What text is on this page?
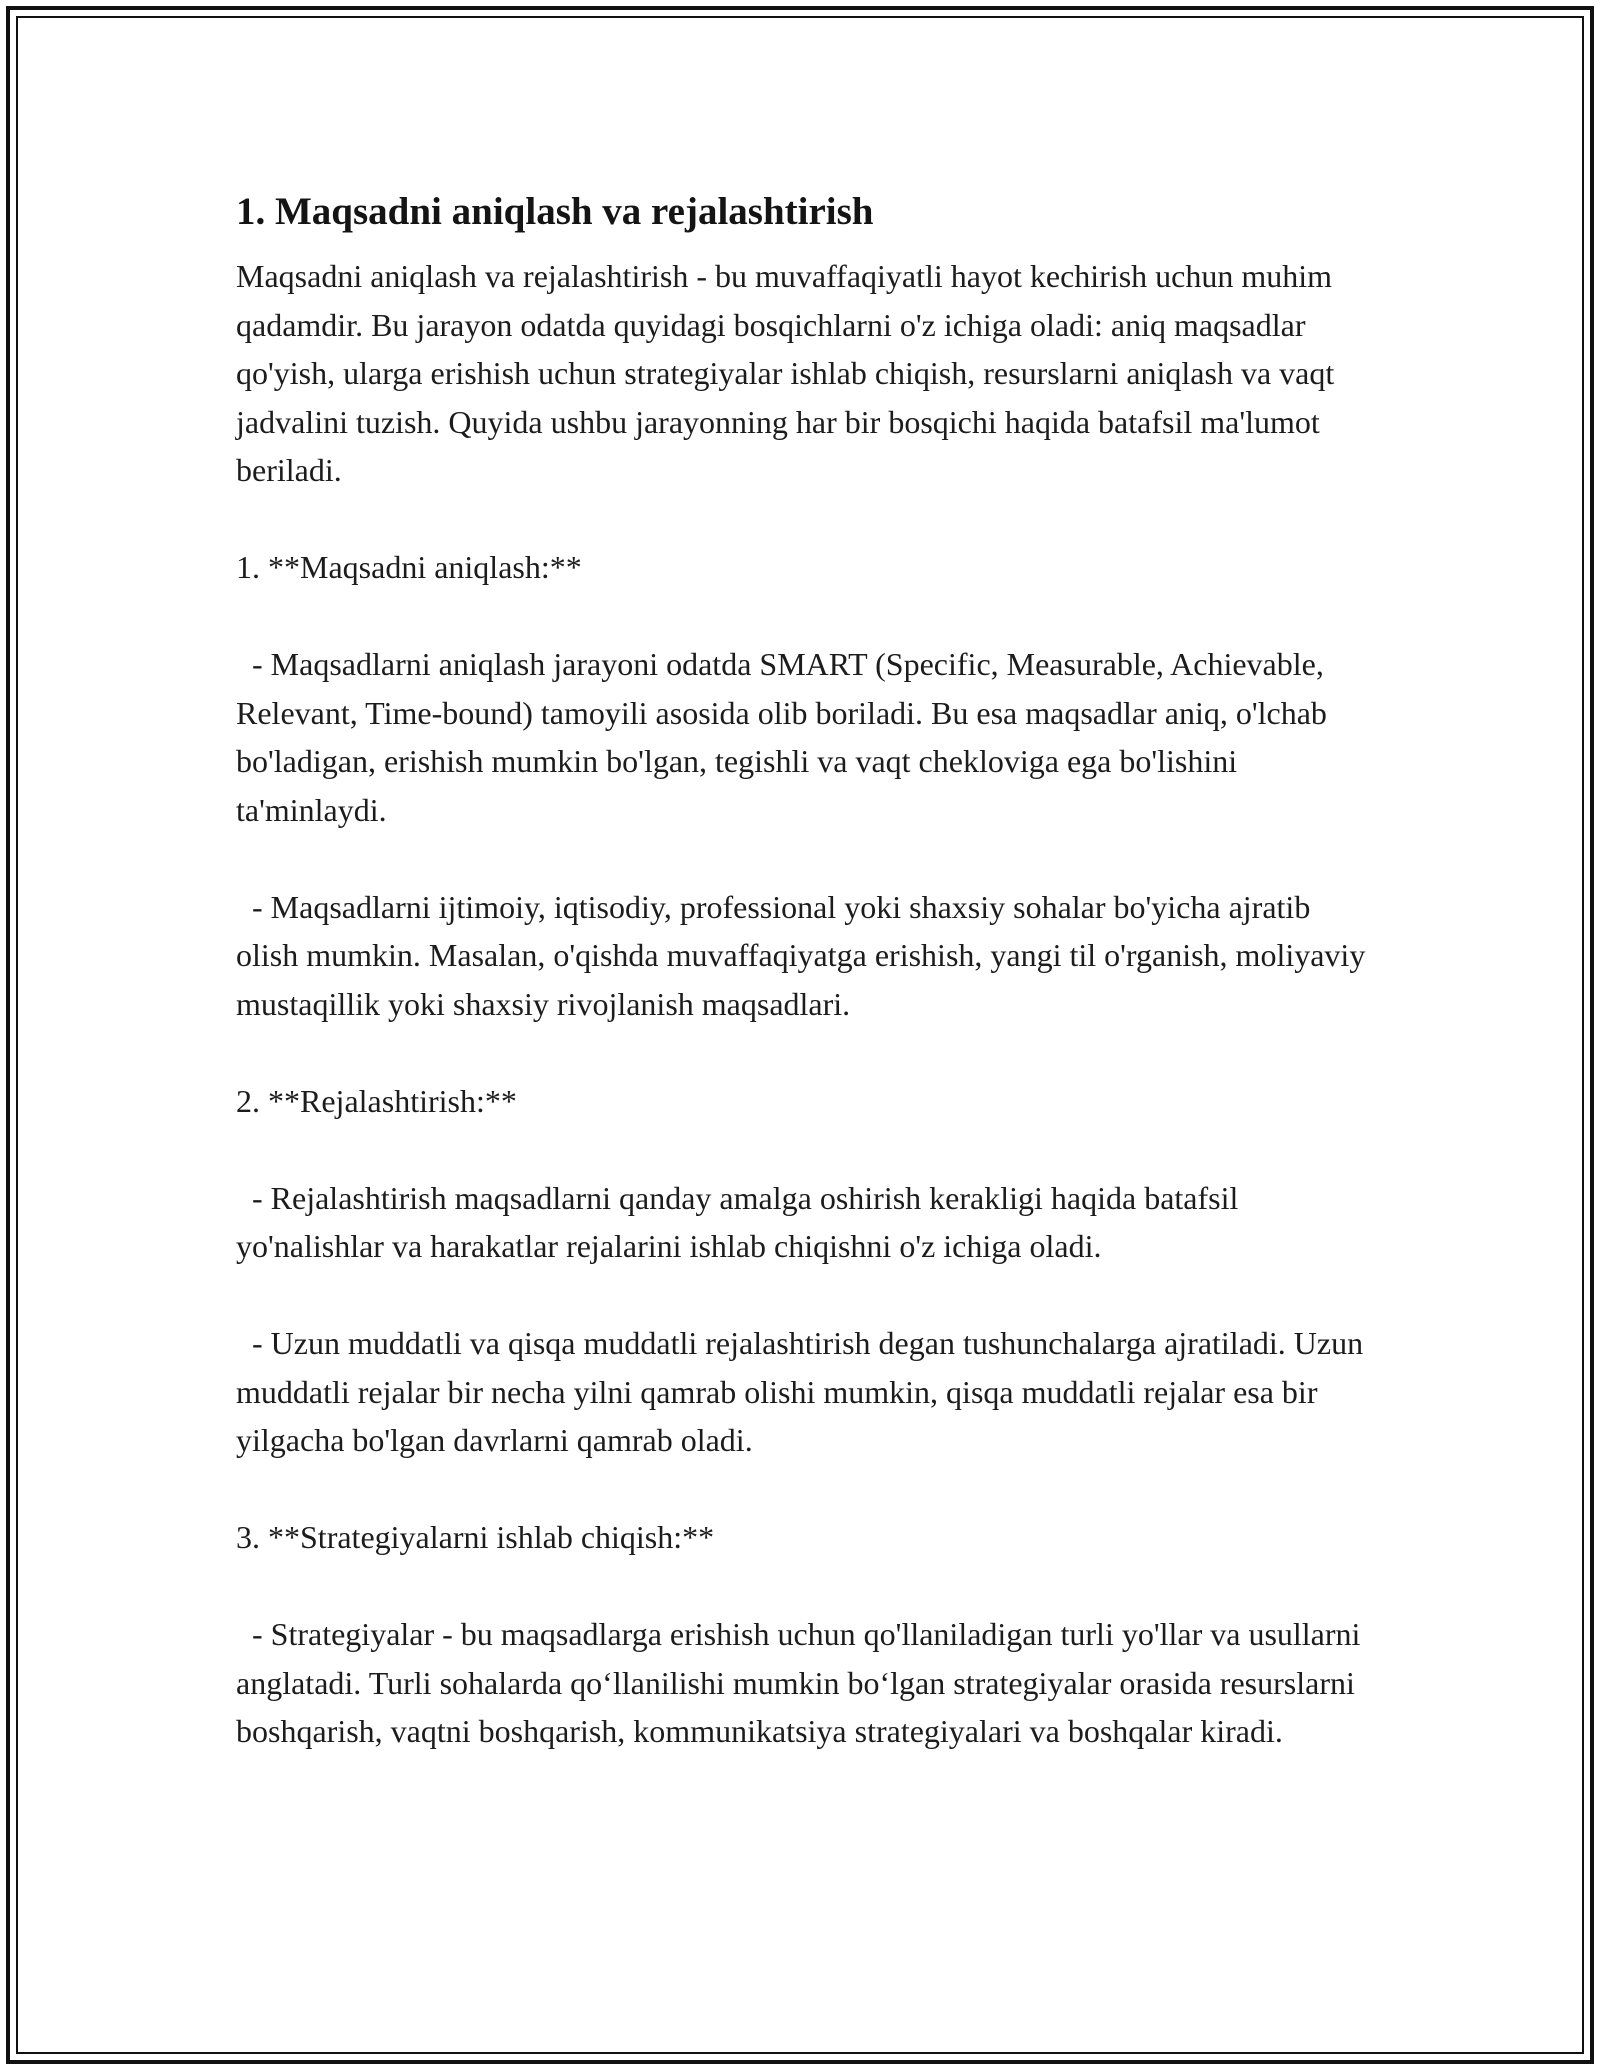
1. Maqsadni aniqlash va rejalashtirish

Maqsadni aniqlash va rejalashtirish - bu muvaffaqiyatli hayot kechirish uchun muhim qadamdir. Bu jarayon odatda quyidagi bosqichlarni o'z ichiga oladi: aniq maqsadlar qo'yish, ularga erishish uchun strategiyalar ishlab chiqish, resurslarni aniqlash va vaqt jadvalini tuzish. Quyida ushbu jarayonning har bir bosqichi haqida batafsil ma'lumot beriladi.

1. **Maqsadni aniqlash:**

- Maqsadlarni aniqlash jarayoni odatda SMART (Specific, Measurable, Achievable, Relevant, Time-bound) tamoyili asosida olib boriladi. Bu esa maqsadlar aniq, o'lchab bo'ladigan, erishish mumkin bo'lgan, tegishli va vaqt chekloviga ega bo'lishini ta'minlaydi.

- Maqsadlarni ijtimoiy, iqtisodiy, professional yoki shaxsiy sohalar bo'yicha ajratib olish mumkin. Masalan, o'qishda muvaffaqiyatga erishish, yangi til o'rganish, moliyaviy mustaqillik yoki shaxsiy rivojlanish maqsadlari.

2. **Rejalashtirish:**

- Rejalashtirish maqsadlarni qanday amalga oshirish kerakligi haqida batafsil yo'nalishlar va harakatlar rejalarini ishlab chiqishni o'z ichiga oladi.

- Uzun muddatli va qisqa muddatli rejalashtirish degan tushunchalarga ajratiladi. Uzun muddatli rejalar bir necha yilni qamrab olishi mumkin, qisqa muddatli rejalar esa bir yilgacha bo'lgan davrlarni qamrab oladi.

3. **Strategiyalarni ishlab chiqish:**

- Strategiyalar - bu maqsadlarga erishish uchun qo'llaniladigan turli yo'llar va usullarni anglatadi. Turli sohalarda qo‘llanilishi mumkin bo‘lgan strategiyalar orasida resurslarni boshqarish, vaqtni boshqarish, kommunikatsiya strategiyalari va boshqalar kiradi.
